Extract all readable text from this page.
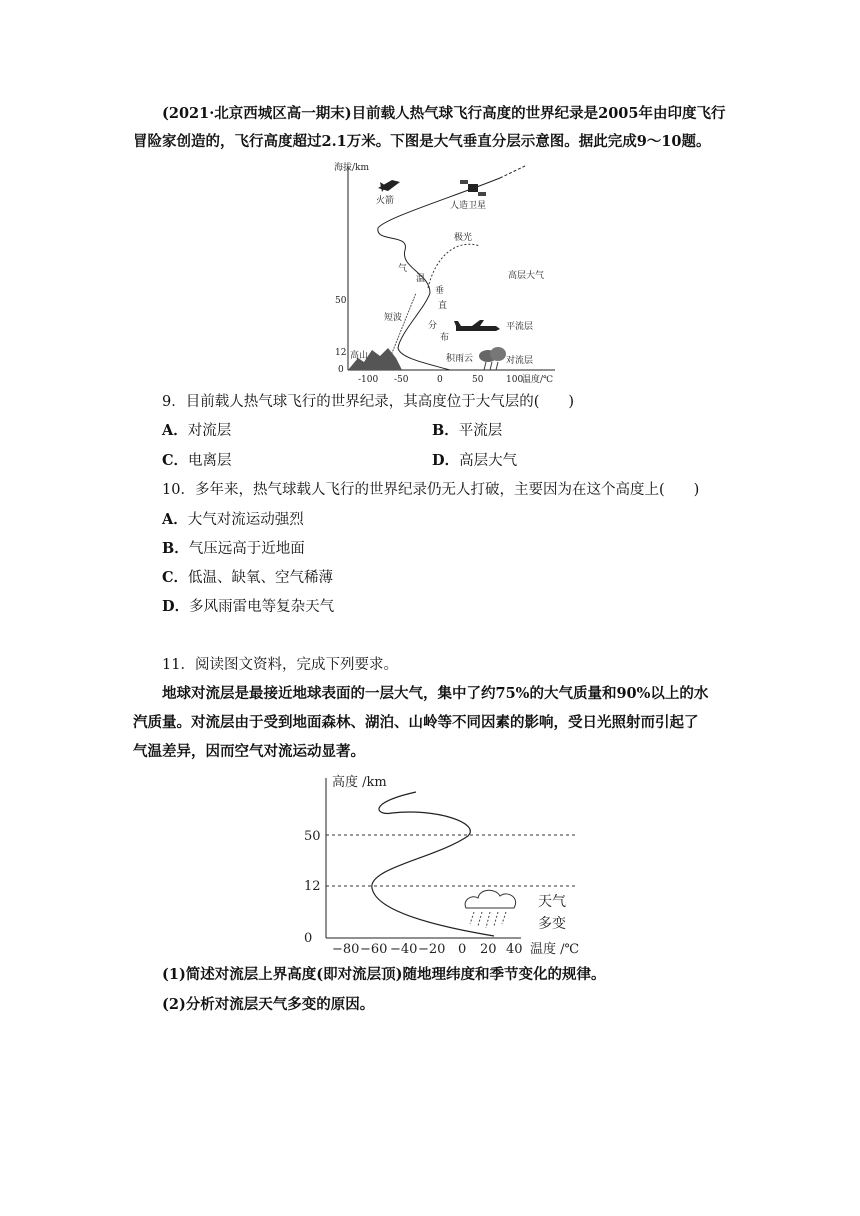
(2021·北京西城区高一期末)目前载人热气球飞行高度的世界纪录是2005年由印度飞行
冒险家创造的，飞行高度超过2.1万米。下图是大气垂直分层示意图。据此完成9～10题。
海拔/km
50
12
0
-100 -50	0	50	100
温度/℃
火箭	人造卫星
极光
高层大气
气
温
垂
直
分
布
短波
平流层
高山	积雨云	对流层
9．目前载人热气球飞行的世界纪录，其高度位于大气层的(　　)
A．对流层	B．平流层
C．电离层	D．高层大气
10．多年来，热气球载人飞行的世界纪录仍无人打破，主要因为在这个高度上(　　)
A．大气对流运动强烈
B．气压远高于近地面
C．低温、缺氧、空气稀薄
D．多风雨雷电等复杂天气
11．阅读图文资料，完成下列要求。
地球对流层是最接近地球表面的一层大气，集中了约75%的大气质量和90%以上的水
汽质量。对流层由于受到地面森林、湖泊、山岭等不同因素的影响，受日光照射而引起了
气温差异，因而空气对流运动显著。
高度 /km
50
12
0
天气
多变
−80 −60 −40 −20 0 20 40 温度 /℃
(1)简述对流层上界高度(即对流层顶)随地理纬度和季节变化的规律。
(2)分析对流层天气多变的原因。
